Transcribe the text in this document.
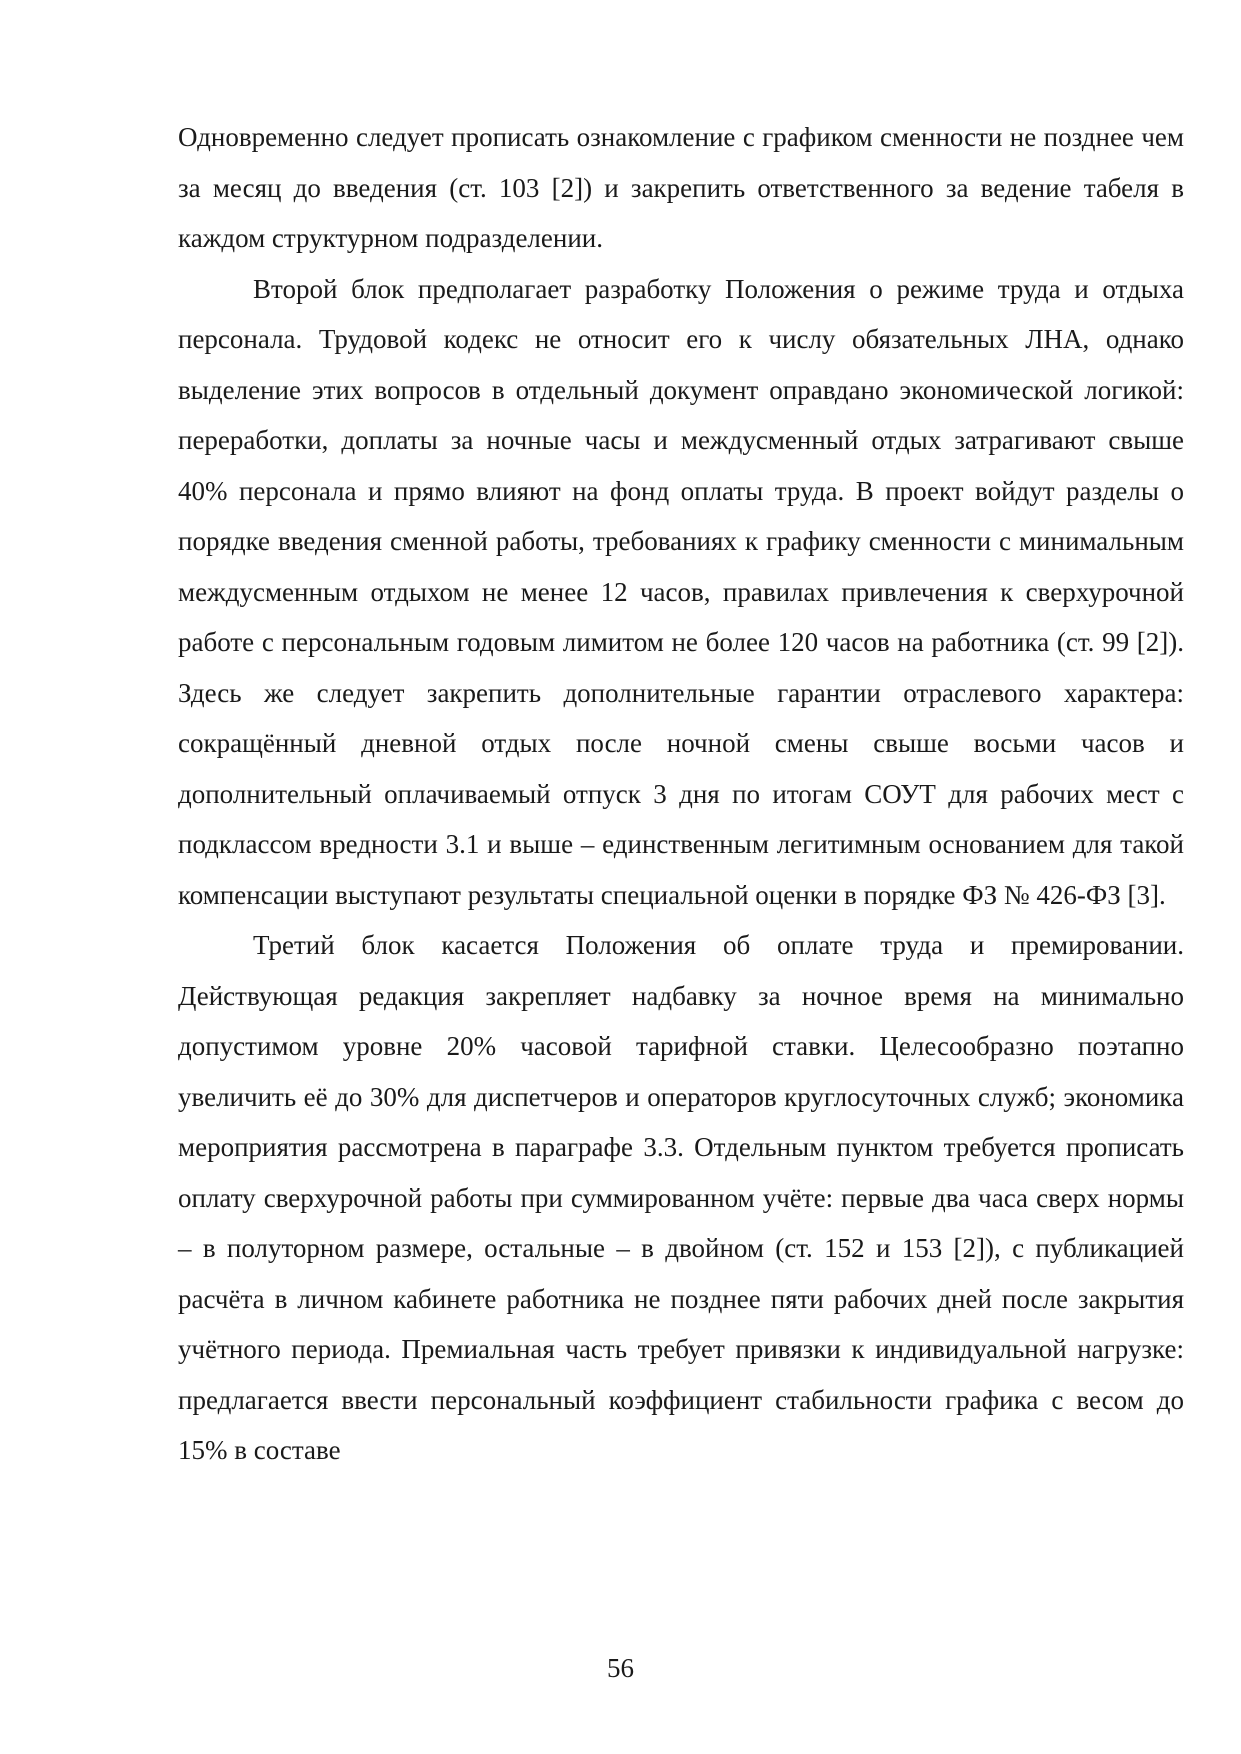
Одновременно следует прописать ознакомление с графиком сменности не позднее чем за месяц до введения (ст. 103 [2]) и закрепить ответственного за ведение табеля в каждом структурном подразделении.

Второй блок предполагает разработку Положения о режиме труда и отдыха персонала. Трудовой кодекс не относит его к числу обязательных ЛНА, однако выделение этих вопросов в отдельный документ оправдано экономической логикой: переработки, доплаты за ночные часы и междусменный отдых затрагивают свыше 40% персонала и прямо влияют на фонд оплаты труда. В проект войдут разделы о порядке введения сменной работы, требованиях к графику сменности с минимальным междусменным отдыхом не менее 12 часов, правилах привлечения к сверхурочной работе с персональным годовым лимитом не более 120 часов на работника (ст. 99 [2]). Здесь же следует закрепить дополнительные гарантии отраслевого характера: сокращённый дневной отдых после ночной смены свыше восьми часов и дополнительный оплачиваемый отпуск 3 дня по итогам СОУТ для рабочих мест с подклассом вредности 3.1 и выше – единственным легитимным основанием для такой компенсации выступают результаты специальной оценки в порядке ФЗ № 426-ФЗ [3].

Третий блок касается Положения об оплате труда и премировании. Действующая редакция закрепляет надбавку за ночное время на минимально допустимом уровне 20% часовой тарифной ставки. Целесообразно поэтапно увеличить её до 30% для диспетчеров и операторов круглосуточных служб; экономика мероприятия рассмотрена в параграфе 3.3. Отдельным пунктом требуется прописать оплату сверхурочной работы при суммированном учёте: первые два часа сверх нормы – в полуторном размере, остальные – в двойном (ст. 152 и 153 [2]), с публикацией расчёта в личном кабинете работника не позднее пяти рабочих дней после закрытия учётного периода. Премиальная часть требует привязки к индивидуальной нагрузке: предлагается ввести персональный коэффициент стабильности графика с весом до 15% в составе

56
